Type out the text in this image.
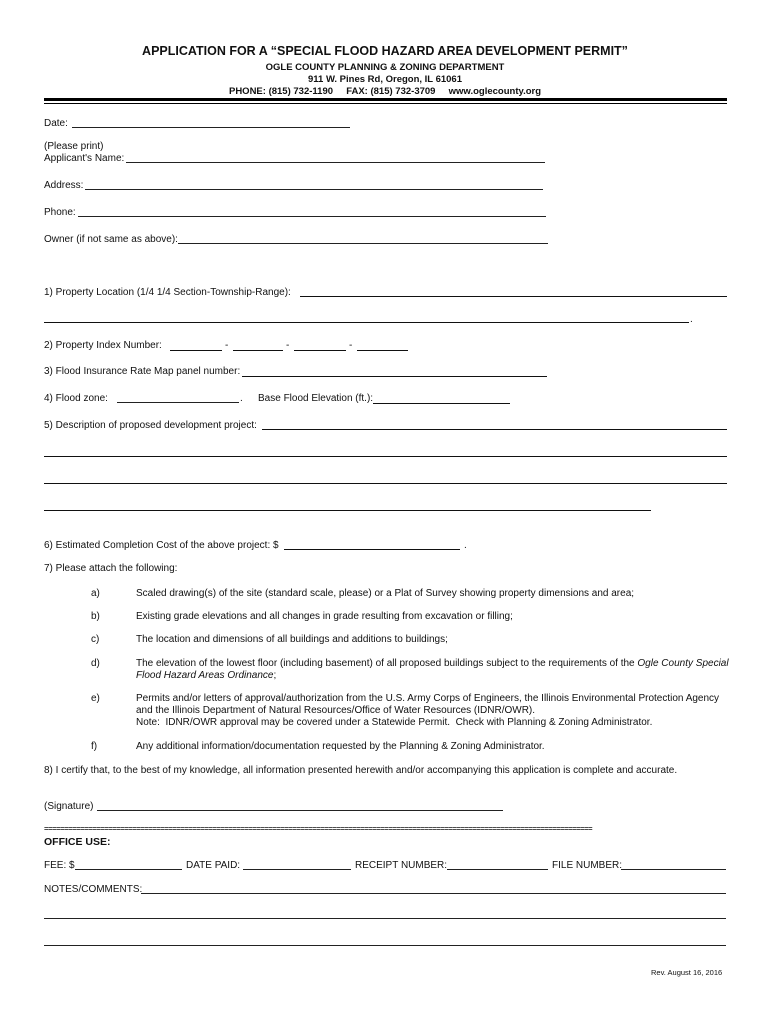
APPLICATION FOR A “SPECIAL FLOOD HAZARD AREA DEVELOPMENT PERMIT”
OGLE COUNTY PLANNING & ZONING DEPARTMENT
911 W. Pines Rd, Oregon, IL 61061
PHONE: (815) 732-1190     FAX: (815) 732-3709     www.oglecounty.org
Date:
(Please print)
Applicant's Name:
Address:
Phone:
Owner (if not same as above):
1) Property Location (1/4 1/4 Section-Township-Range):
.
2) Property Index Number:	-	-	-
3) Flood Insurance Rate Map panel number:
4) Flood zone:	. Base Flood Elevation (ft.):
5) Description of proposed development project:
6) Estimated Completion Cost of the above project: $	.
7) Please attach the following:
a)	Scaled drawing(s) of the site (standard scale, please) or a Plat of Survey showing property dimensions and area;
b)	Existing grade elevations and all changes in grade resulting from excavation or filling;
c)	The location and dimensions of all buildings and additions to buildings;
d)	The elevation of the lowest floor (including basement) of all proposed buildings subject to the requirements of the Ogle County Special
Flood Hazard Areas Ordinance;
e)	Permits and/or letters of approval/authorization from the U.S. Army Corps of Engineers, the Illinois Environmental Protection Agency
and the Illinois Department of Natural Resources/Office of Water Resources (IDNR/OWR).
Note:  IDNR/OWR approval may be covered under a Statewide Permit.  Check with Planning & Zoning Administrator.
f)	Any additional information/documentation requested by the Planning & Zoning Administrator.
8) I certify that, to the best of my knowledge, all information presented herewith and/or accompanying this application is complete and accurate.
(Signature)
=========================================================================================================================================
OFFICE USE:
FEE: $	DATE PAID:	RECEIPT NUMBER:	FILE NUMBER:
NOTES/COMMENTS:
Rev. August 16, 2016
